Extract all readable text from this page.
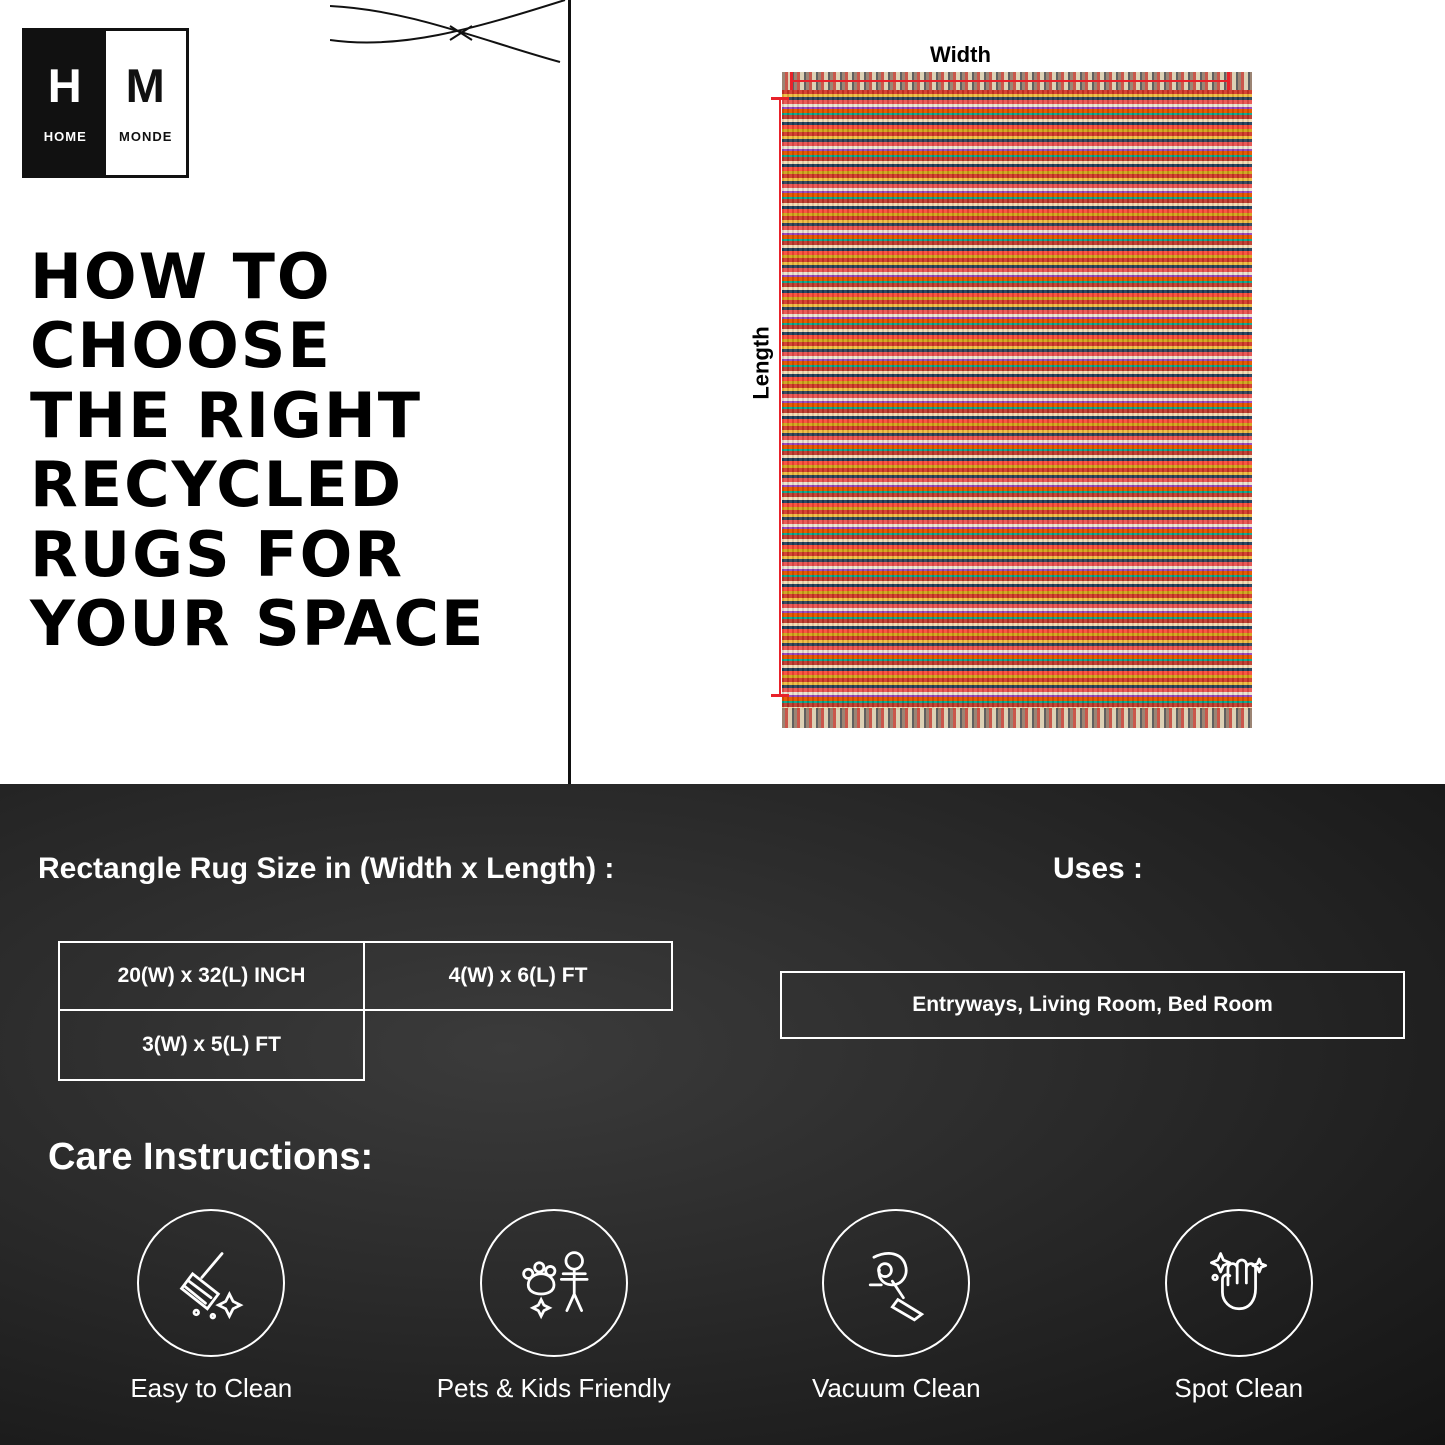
H
HOME
M
MONDE
HOW TO
CHOOSE
THE RIGHT
RECYCLED
RUGS FOR
YOUR SPACE
Width
Length
Rectangle Rug Size in (Width x Length) :	Uses :
20(W) x 32(L) INCH	4(W) x 6(L) FT
3(W) x 5(L) FT
Entryways, Living Room, Bed Room
Care Instructions:
Easy to Clean	Pets & Kids Friendly	Vacuum Clean	Spot Clean
